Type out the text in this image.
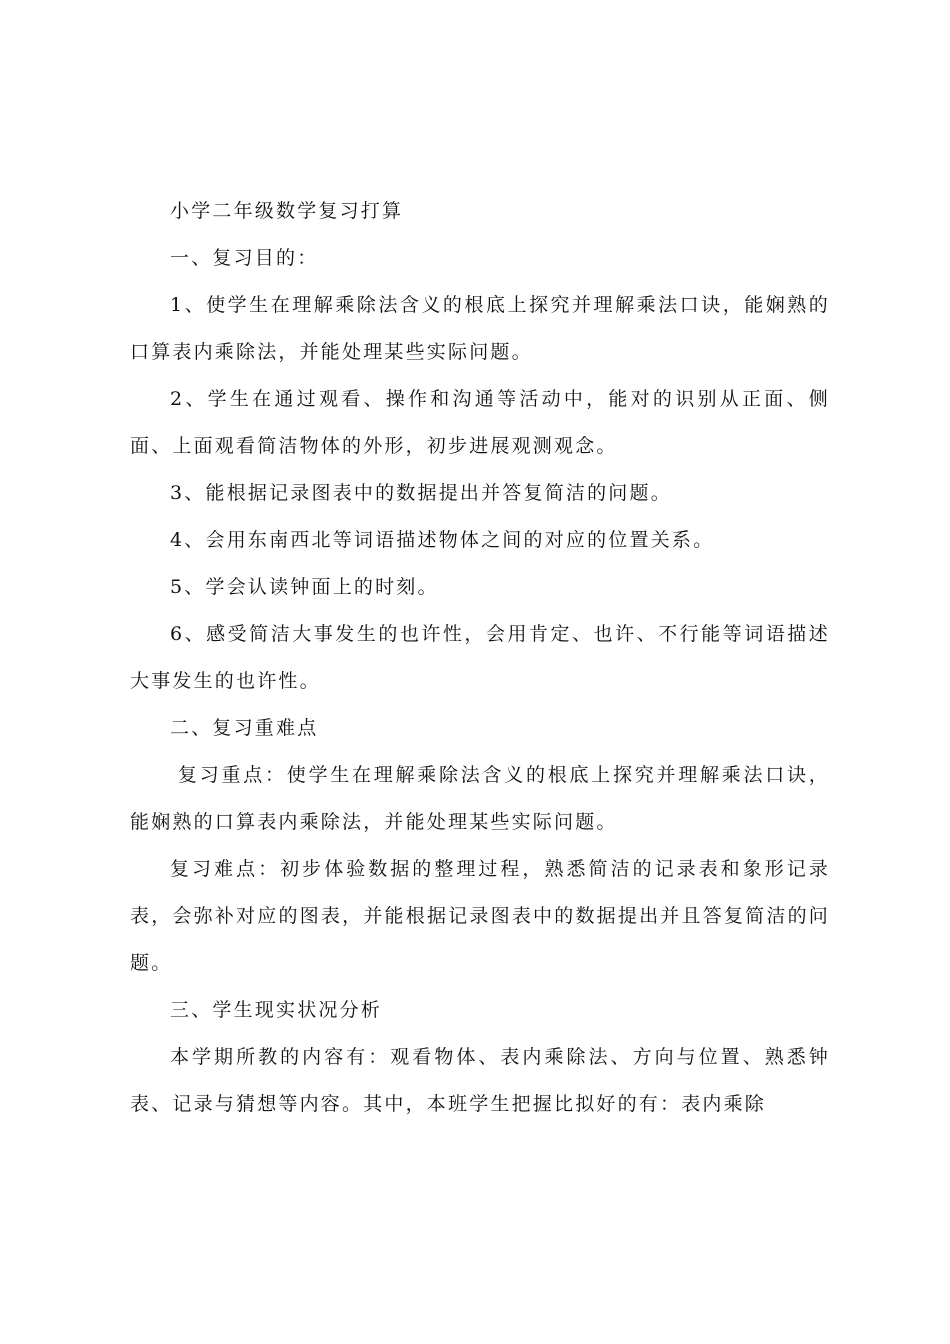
小学二年级数学复习打算

一、复习目的：

1、使学生在理解乘除法含义的根底上探究并理解乘法口诀，能娴熟的口算表内乘除法，并能处理某些实际问题。

2、学生在通过观看、操作和沟通等活动中，能对的识别从正面、侧面、上面观看简洁物体的外形，初步进展观测观念。

3、能根据记录图表中的数据提出并答复简洁的问题。

4、会用东南西北等词语描述物体之间的对应的位置关系。

5、学会认读钟面上的时刻。

6、感受简洁大事发生的也许性，会用肯定、也许、不行能等词语描述大事发生的也许性。

二、复习重难点

复习重点：使学生在理解乘除法含义的根底上探究并理解乘法口诀，能娴熟的口算表内乘除法，并能处理某些实际问题。

复习难点：初步体验数据的整理过程，熟悉简洁的记录表和象形记录表，会弥补对应的图表，并能根据记录图表中的数据提出并且答复简洁的问题。

三、学生现实状况分析

本学期所教的内容有：观看物体、表内乘除法、方向与位置、熟悉钟表、记录与猜想等内容。其中，本班学生把握比拟好的有：表内乘除
